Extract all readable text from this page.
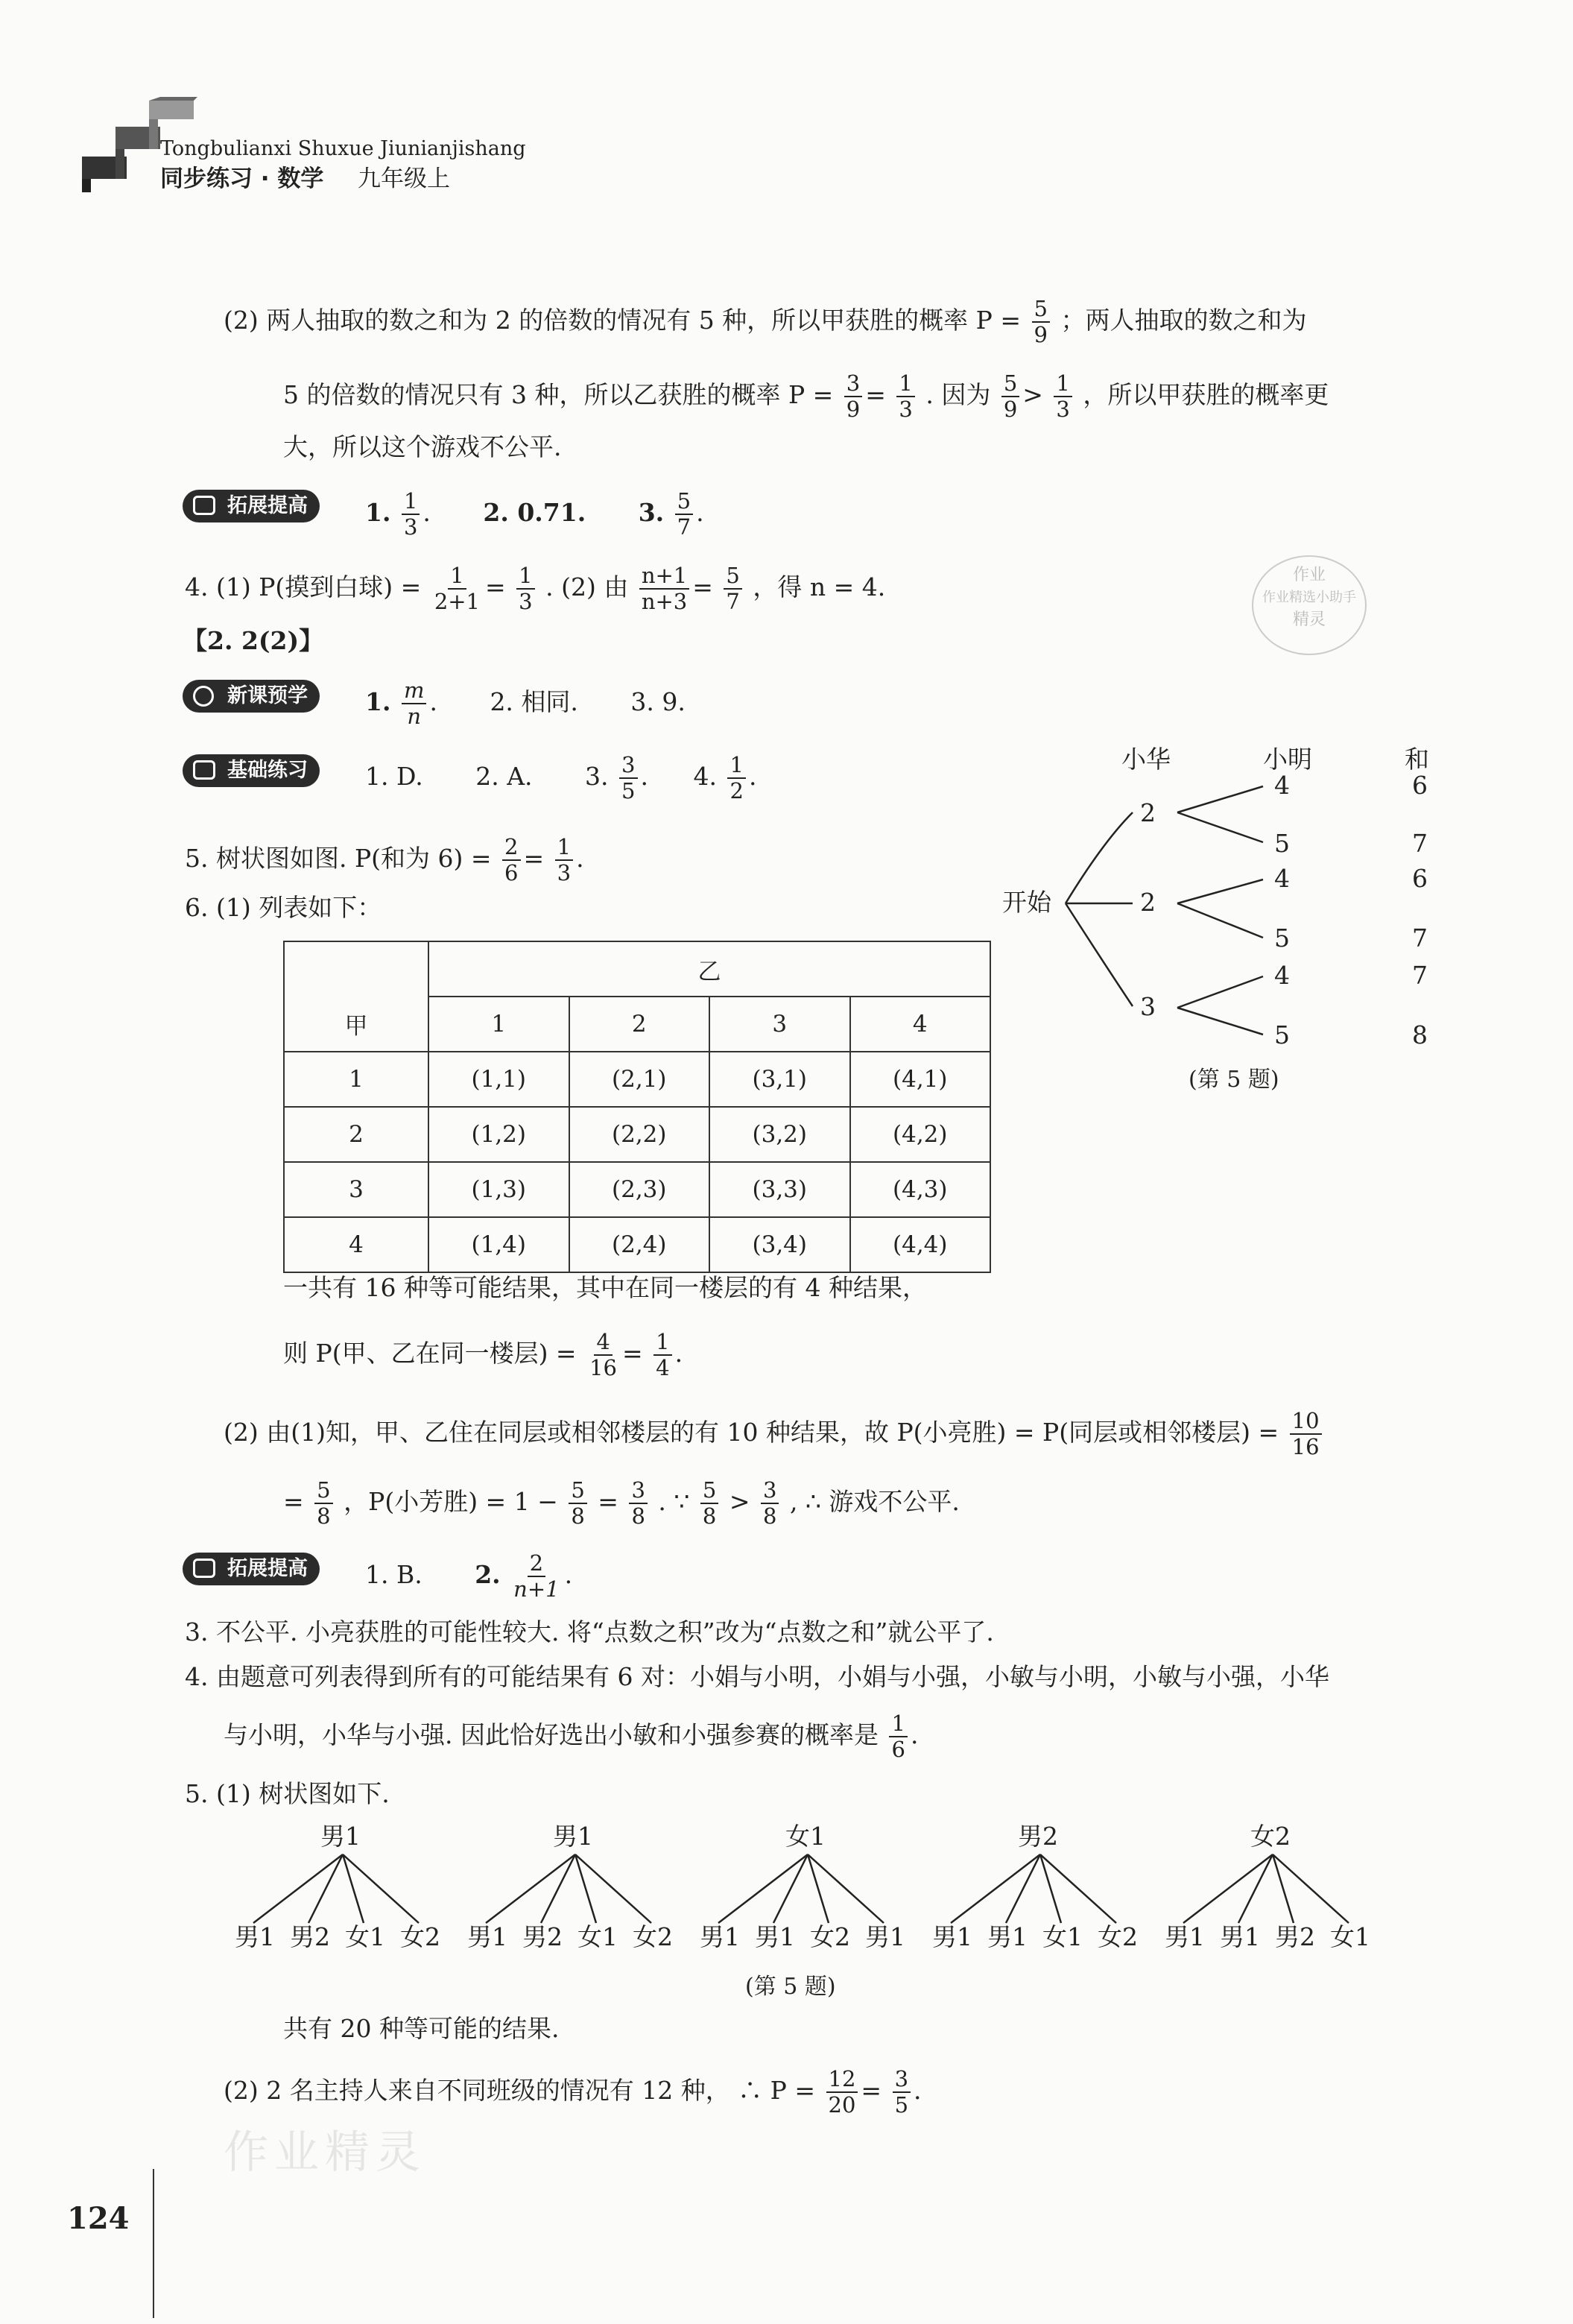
Tongbulianxi Shuxue Jiunianjishang
同步练习 · 数学 九年级上
(2) 两人抽取的数之和为 2 的倍数的情况有 5 种，所以甲获胜的概率 $P = \frac{5}{9}$ ；两人抽取的数之和为
5 的倍数的情况只有 3 种，所以乙获胜的概率 $P = \frac{3}{9} = \frac{1}{3}$ . 因为 $\frac{5}{9} > \frac{1}{3}$ ，所以甲获胜的概率更
大，所以这个游戏不公平.
拓展提高	1. $\frac{1}{3}$ . 2. 0.71. 3. $\frac{5}{7}$ .
4. (1) P(摸到白球) = $\frac{1}{2+1} = \frac{1}{3}$ . (2) 由 $\frac{n+1}{n+3} = \frac{5}{7}$ ，得 n = 4.	作业
作业精选小助手
精灵
【2. 2(2)】
新课预学	1. $\frac{m}{n}$ . 2. 相同. 3. 9.
基础练习	1. D. 2. A. 3. $\frac{3}{5}$ . 4. $\frac{1}{2}$ .
5. 树状图如图. P(和为 $6) = \frac{2}{6} = \frac{1}{3}$ .
6. (1) 列表如下：
	乙			
甲	1	2	3	4
1	(1,1)	(2,1)	(3,1)	(4,1)
2	(1,2)	(2,2)	(3,2)	(4,2)
3	(1,3)	(2,3)	(3,3)	(4,3)
4	(1,4)	(2,4)	(3,4)	(4,4)
小华	小明	和
开始
2
2
3
4
5
4
5
4
5
6
7
6
7
7
8
(第 5 题)
一共有 16 种等可能结果，其中在同一楼层的有 4 种结果，
则 P(甲、乙在同一楼层) = $\frac{4}{16} = \frac{1}{4}$ .
(2) 由(1)知，甲、乙住在同层或相邻楼层的有 10 种结果，故 P(小亮胜) = P(同层或相邻楼层) = $\frac{10}{16}$
= $\frac{5}{8}$ ，P(小芳胜) = $1 - \frac{5}{8} = \frac{3}{8}$ . ∵ $\frac{5}{8} > \frac{3}{8}$ , ∴ 游戏不公平.
拓展提高	1. B. 2. $\frac{2}{n+1}$ .
3. 不公平. 小亮获胜的可能性较大. 将“点数之积”改为“点数之和”就公平了.
4. 由题意可列表得到所有的可能结果有 6 对：小娟与小明，小娟与小强，小敏与小明，小敏与小强，小华
与小明，小华与小强. 因此恰好选出小敏和小强参赛的概率是 $\frac{1}{6}$ .
5. (1) 树状图如下.
男1
男1 男2 女1 女2
男1
男1 男2 女1 女2
女1
男1 男1 女2 男1
男2
男1 男1 女1 女2
女2
男1 男1 男2 女1
(第 5 题)
共有 20 种等可能的结果.
(2) 2 名主持人来自不同班级的情况有 12 种， ∴ $P = \frac{12}{20} = \frac{3}{5}$ .
作业精灵
124
